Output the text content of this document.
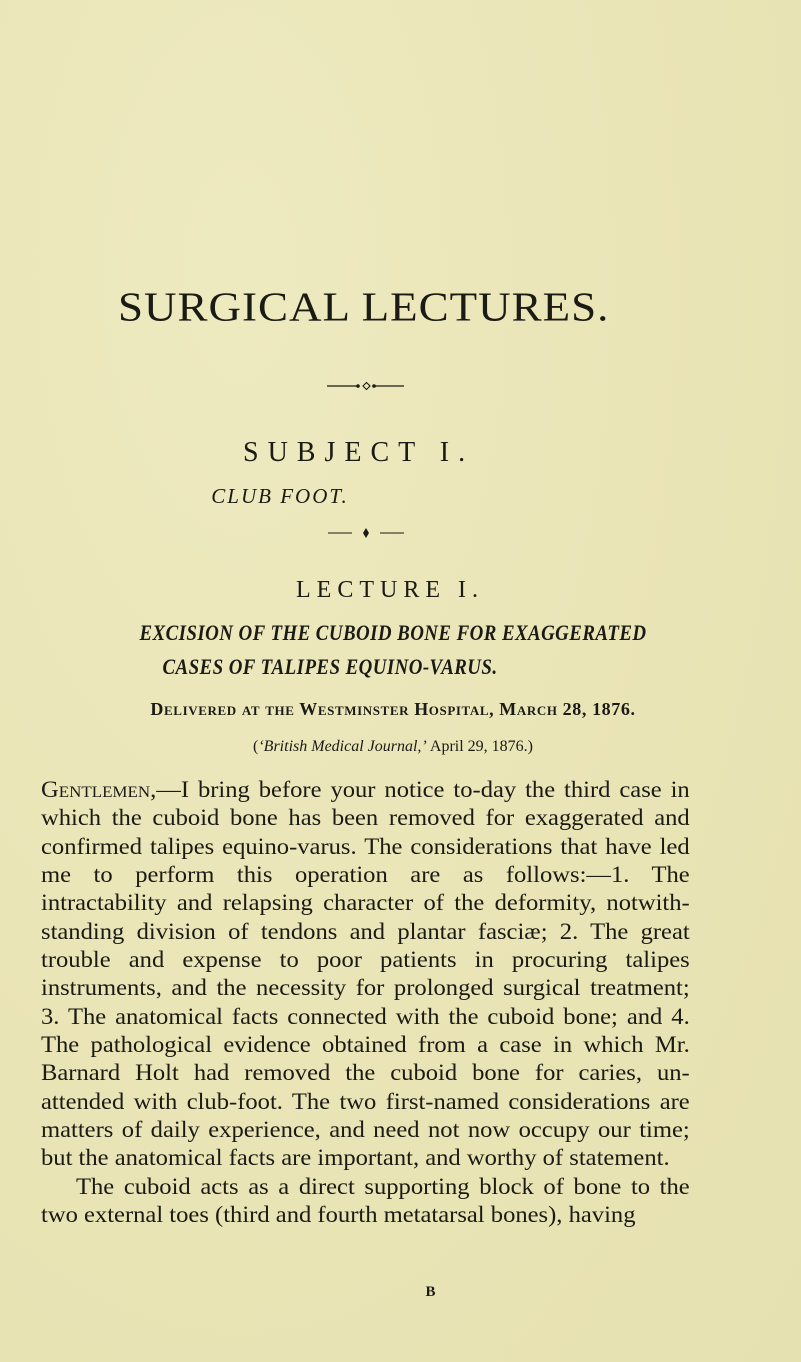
SURGICAL LECTURES.
SUBJECT I.
CLUB FOOT.
LECTURE I.
EXCISION OF THE CUBOID BONE FOR EXAGGERATED
CASES OF TALIPES EQUINO-VARUS.
Delivered at the Westminster Hospital, March 28, 1876.
(‘British Medical Journal,’ April 29, 1876.)

Gentlemen,—I bring before your notice to-day the third case in which the cuboid bone has been removed for exaggerated and confirmed talipes equino-varus. The considerations that have led me to perform this operation are as follows:—1. The intractability and relapsing character of the deformity, notwith-standing division of tendons and plantar fasciæ; 2. The great trouble and expense to poor patients in procuring talipes instruments, and the necessity for prolonged surgical treatment; 3. The anatomical facts connected with the cuboid bone; and 4. The pathological evidence obtained from a case in which Mr. Barnard Holt had removed the cuboid bone for caries, un-attended with club-foot. The two first-named considerations are matters of daily experience, and need not now occupy our time; but the anatomical facts are important, and worthy of statement.

The cuboid acts as a direct supporting block of bone to the two external toes (third and fourth metatarsal bones), having

B
